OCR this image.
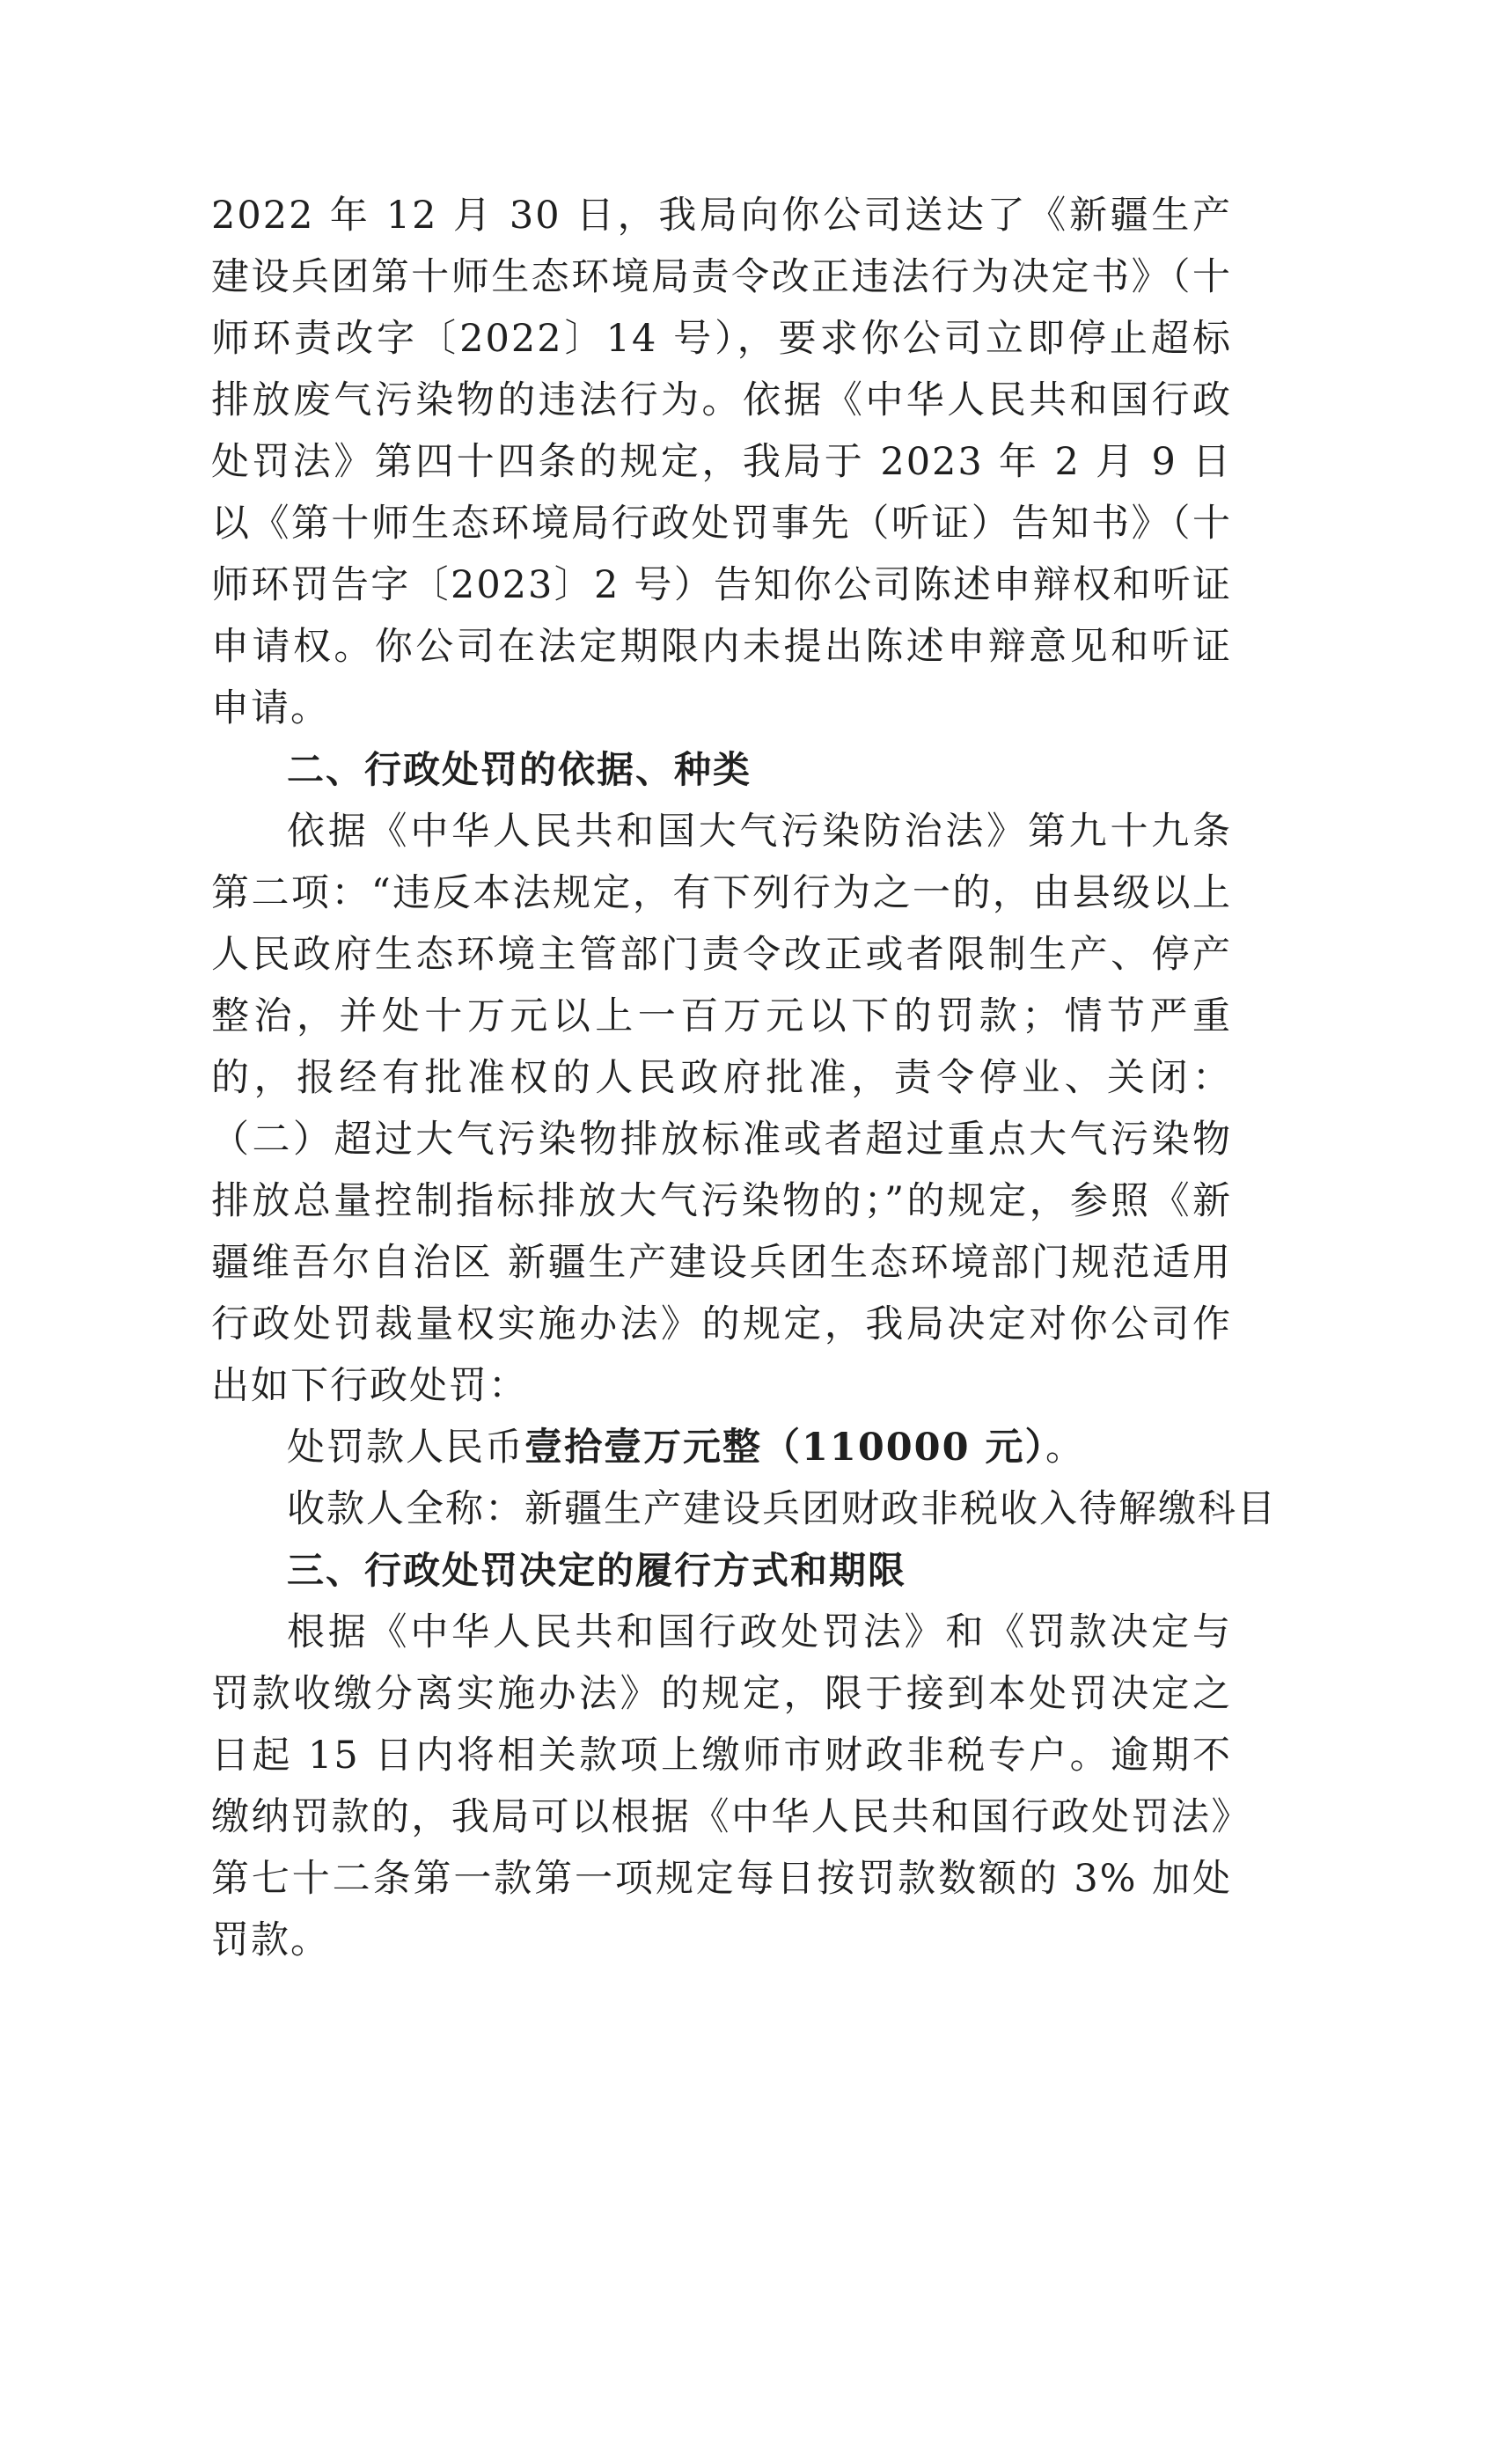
2022 年 12 月 30 日，我局向你公司送达了《新疆生产建设兵团第十师生态环境局责令改正违法行为决定书》（十师环责改字〔2022〕14 号），要求你公司立即停止超标排放废气污染物的违法行为。依据《中华人民共和国行政处罚法》第四十四条的规定，我局于 2023 年 2 月 9 日以《第十师生态环境局行政处罚事先（听证）告知书》（十师环罚告字〔2023〕2 号）告知你公司陈述申辩权和听证申请权。你公司在法定期限内未提出陈述申辩意见和听证申请。

二、行政处罚的依据、种类

依据《中华人民共和国大气污染防治法》第九十九条第二项：“违反本法规定，有下列行为之一的，由县级以上人民政府生态环境主管部门责令改正或者限制生产、停产整治，并处十万元以上一百万元以下的罚款；情节严重的，报经有批准权的人民政府批准，责令停业、关闭：（二）超过大气污染物排放标准或者超过重点大气污染物排放总量控制指标排放大气污染物的；”的规定，参照《新疆维吾尔自治区 新疆生产建设兵团生态环境部门规范适用行政处罚裁量权实施办法》的规定，我局决定对你公司作出如下行政处罚：

处罚款人民币壹拾壹万元整（110000 元）。

收款人全称：新疆生产建设兵团财政非税收入待解缴科目

三、行政处罚决定的履行方式和期限

根据《中华人民共和国行政处罚法》和《罚款决定与罚款收缴分离实施办法》的规定，限于接到本处罚决定之日起 15 日内将相关款项上缴师市财政非税专户。逾期不缴纳罚款的，我局可以根据《中华人民共和国行政处罚法》第七十二条第一款第一项规定每日按罚款数额的 3% 加处罚款。
